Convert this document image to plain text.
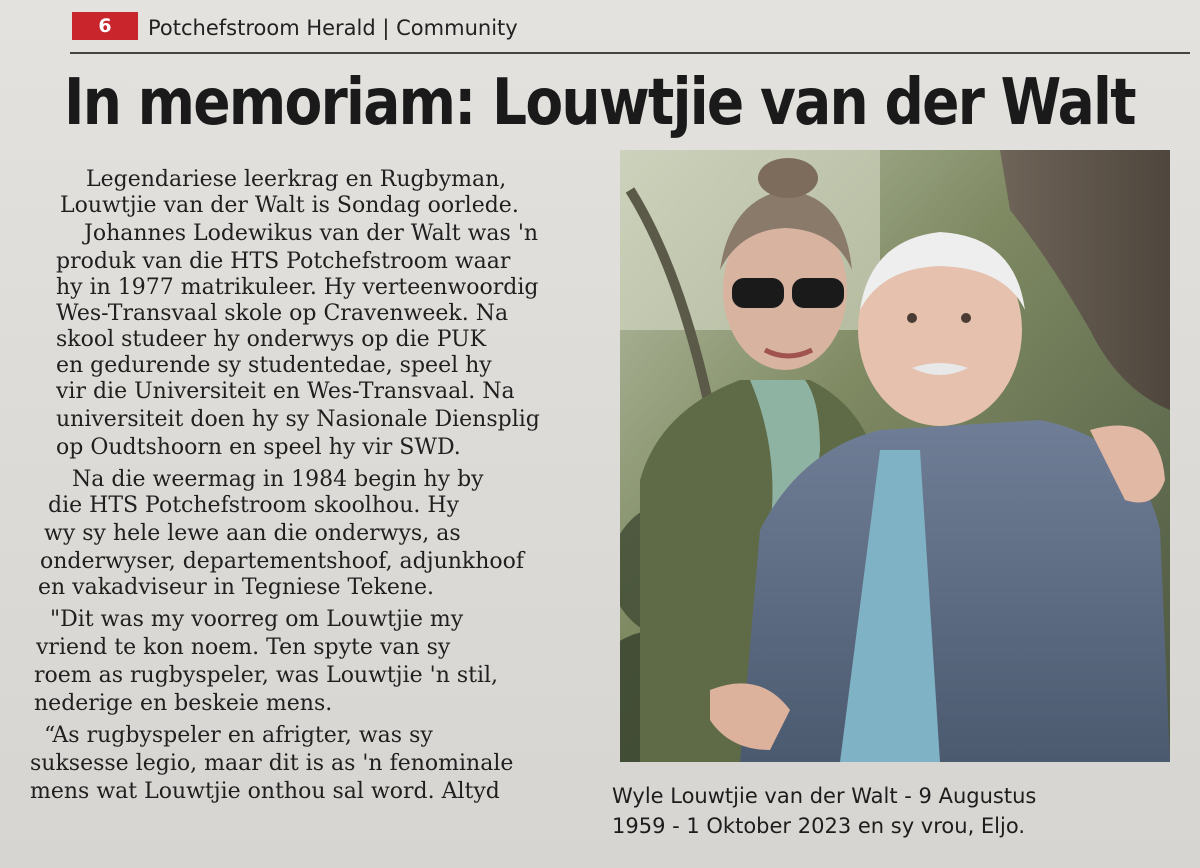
6	Potchefstroom Herald | Community
In memoriam: Louwtjie van der Walt
Legendariese leerkrag en Rugbyman,
Louwtjie van der Walt is Sondag oorlede.
Johannes Lodewikus van der Walt was 'n
produk van die HTS Potchefstroom waar
hy in 1977 matrikuleer. Hy verteenwoordig
Wes-Transvaal skole op Cravenweek. Na
skool studeer hy onderwys op die PUK
en gedurende sy studentedae, speel hy
vir die Universiteit en Wes-Transvaal. Na
universiteit doen hy sy Nasionale Diensplig
op Oudtshoorn en speel hy vir SWD.
Na die weermag in 1984 begin hy by
die HTS Potchefstroom skoolhou. Hy
wy sy hele lewe aan die onderwys, as
onderwyser, departementshoof, adjunkhoof
en vakadviseur in Tegniese Tekene.
"Dit was my voorreg om Louwtjie my
vriend te kon noem. Ten spyte van sy
roem as rugbyspeler, was Louwtjie 'n stil,
nederige en beskeie mens.
“As rugbyspeler en afrigter, was sy
suksesse legio, maar dit is as 'n fenominale
mens wat Louwtjie onthou sal word. Altyd	Wyle Louwtjie van der Walt - 9 Augustus
1959 - 1 Oktober 2023 en sy vrou, Eljo.
